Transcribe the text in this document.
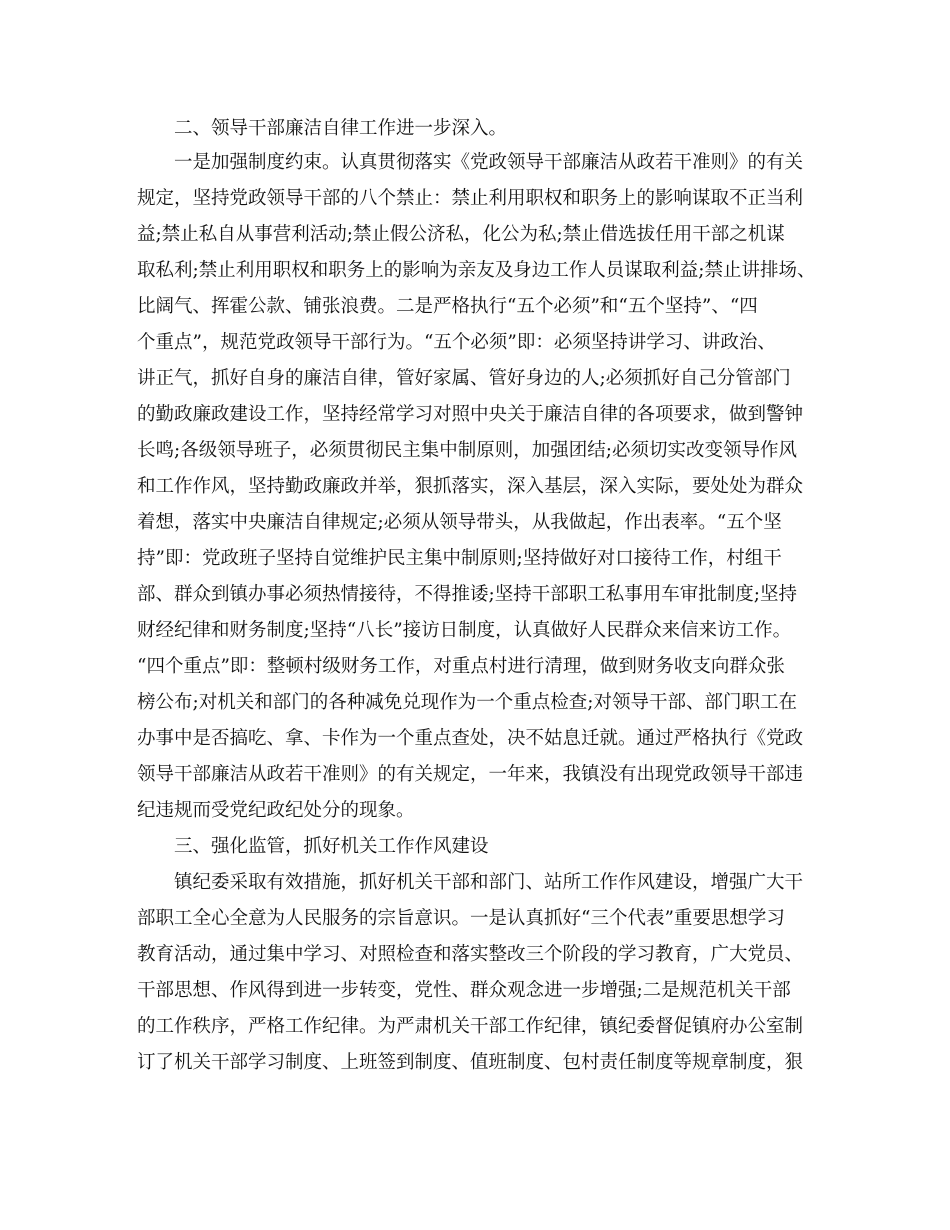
二、领导干部廉洁自律工作进一步深入。
一是加强制度约束。认真贯彻落实《党政领导干部廉洁从政若干准则》的有关
规定，坚持党政领导干部的八个禁止：禁止利用职权和职务上的影响谋取不正当利
益;禁止私自从事营利活动;禁止假公济私，化公为私;禁止借选拔任用干部之机谋
取私利;禁止利用职权和职务上的影响为亲友及身边工作人员谋取利益;禁止讲排场、
比阔气、挥霍公款、铺张浪费。二是严格执行“五个必须”和“五个坚持”、“四
个重点”，规范党政领导干部行为。“五个必须”即：必须坚持讲学习、讲政治、
讲正气，抓好自身的廉洁自律，管好家属、管好身边的人;必须抓好自己分管部门
的勤政廉政建设工作，坚持经常学习对照中央关于廉洁自律的各项要求，做到警钟
长鸣;各级领导班子，必须贯彻民主集中制原则，加强团结;必须切实改变领导作风
和工作作风，坚持勤政廉政并举，狠抓落实，深入基层，深入实际，要处处为群众
着想，落实中央廉洁自律规定;必须从领导带头，从我做起，作出表率。“五个坚
持”即：党政班子坚持自觉维护民主集中制原则;坚持做好对口接待工作，村组干
部、群众到镇办事必须热情接待，不得推诿;坚持干部职工私事用车审批制度;坚持
财经纪律和财务制度;坚持“八长”接访日制度，认真做好人民群众来信来访工作。
“四个重点”即：整顿村级财务工作，对重点村进行清理，做到财务收支向群众张
榜公布;对机关和部门的各种减免兑现作为一个重点检查;对领导干部、部门职工在
办事中是否搞吃、拿、卡作为一个重点查处，决不姑息迁就。通过严格执行《党政
领导干部廉洁从政若干准则》的有关规定，一年来，我镇没有出现党政领导干部违
纪违规而受党纪政纪处分的现象。
三、强化监管，抓好机关工作作风建设
镇纪委采取有效措施，抓好机关干部和部门、站所工作作风建设，增强广大干
部职工全心全意为人民服务的宗旨意识。一是认真抓好“三个代表”重要思想学习
教育活动，通过集中学习、对照检查和落实整改三个阶段的学习教育，广大党员、
干部思想、作风得到进一步转变，党性、群众观念进一步增强;二是规范机关干部
的工作秩序，严格工作纪律。为严肃机关干部工作纪律，镇纪委督促镇府办公室制
订了机关干部学习制度、上班签到制度、值班制度、包村责任制度等规章制度，狠
